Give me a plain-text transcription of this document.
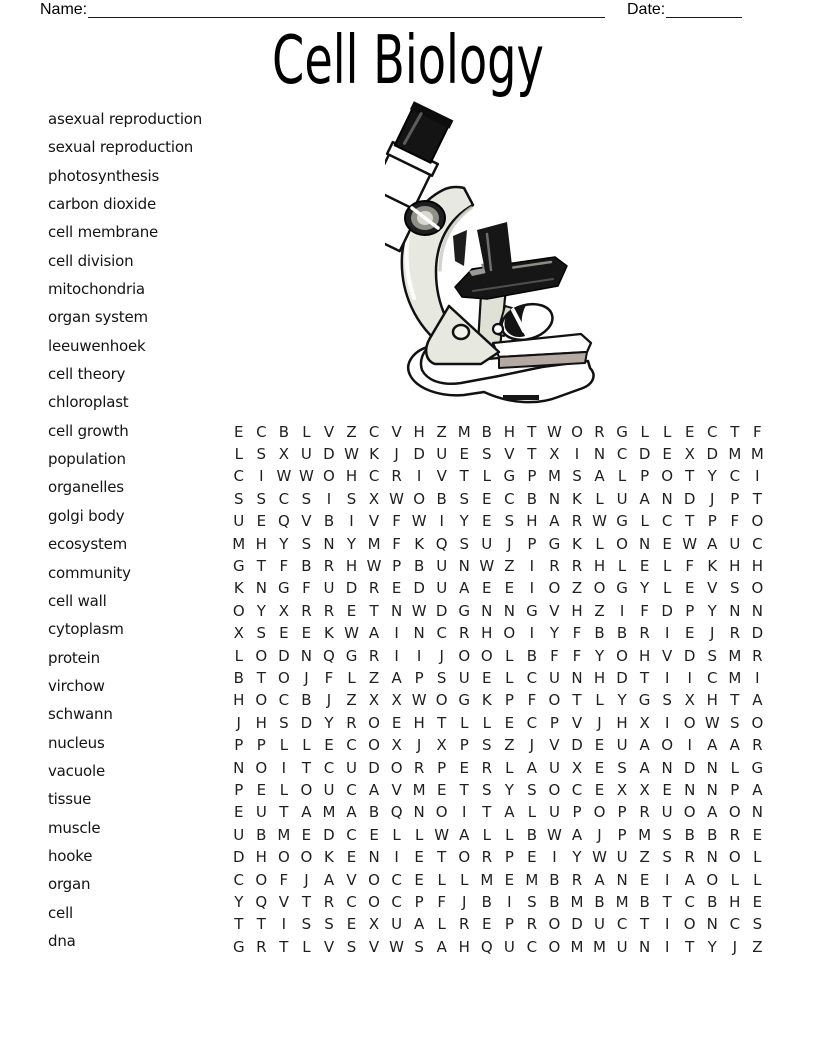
Name:	Date:
Cell Biology
asexual reproduction
sexual reproduction
photosynthesis
carbon dioxide
cell membrane
cell division
mitochondria
organ system
leeuwenhoek
cell theory
chloroplast
cell growth
population
organelles
golgi body
ecosystem
community
cell wall
cytoplasm
protein
virchow
schwann
nucleus
vacuole
tissue
muscle
hooke
organ
cell
dna
E C B L V Z C V H Z M B H T W O R G L L E C T F
L S X U D W K	J D U E S V T X	I N C D E X D M M
C	I W W O H C R	I	V T L G P M S A L P O T Y C	I
S S C S	I	S X W O B S E C B N K L U A N D J	P T
U E Q V B	I	V F W I	Y E S H A R W G L C T P F O
M H Y S N Y M F K Q S U J	P G K L O N E W A U C
G T F B R H W P B U N W Z	I	R R H L E L F K H H
K N G F U D R E D U A E E	I O Z O G Y L E V S O
O Y X R R E T N W D G N N G V H Z	I	F D P Y N N
X S E E K W A	I N C R H O I	Y F B B R	I	E	J	R D
L O D N Q G R	I	I	J O O L B F F Y O H V D S M R
B T O J	F L Z A P S U E L C U N H D T	I	I	C M I
H O C B	J	Z X X W O G K P F O T L Y G S X H T A
J H S D Y R O E H T L L E C P V	J H X	I O W S O
P P L L E C O X	J	X P S Z	J	V D E U A O I	A A R
N O I	T C U D O R P E R L A U X E S A N D N L G
P E L O U C A V M E T S Y S O C E X X E N N P A
E U T A M A B Q N O I	T A L U P O P R U O A O N
U B M E D C E L L W A L L B W A	J	P M S B B R E
D H O O K E N I	E T O R P E	I	Y W U Z S R N O L
C O F	J	A V O C E L L M E M B R A N E	I	A O L L
Y Q V T R C O C P F	J	B	I	S B M B M B T C B H E
T T	I	S S E X U A L R E P R O D U C T	I O N C S
G R T L V S V W S A H Q U C O M M U N I	T Y	J	Z
